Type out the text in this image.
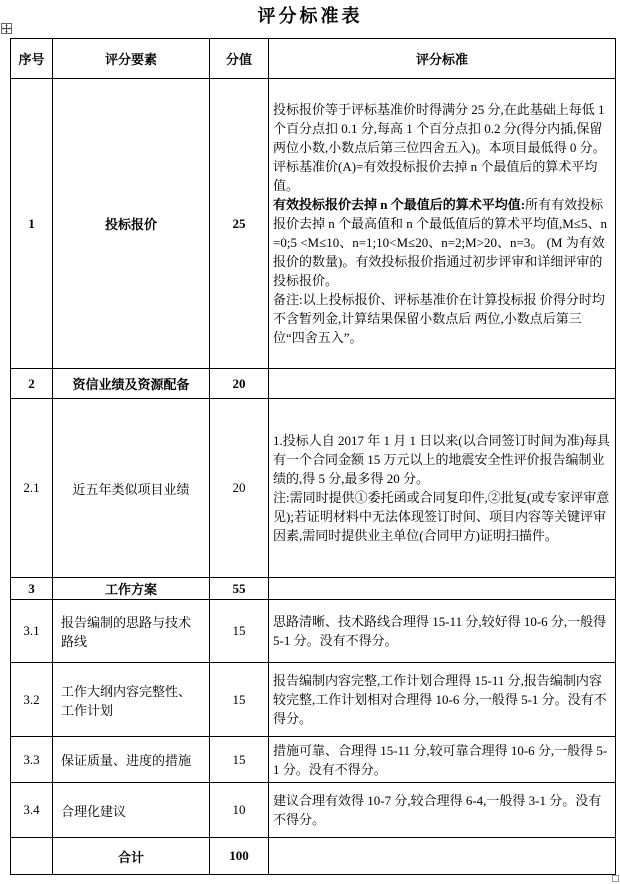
评分标准表
序号	评分要素	分值	评分标准
1	投标报价	25	投标报价等于评标基准价时得满分 25 分,在此基础上每低 1 个百分点扣 0.1 分,每高 1 个百分点扣 0.2 分(得分内插,保留两位小数,小数点后第三位四舍五入)。本项目最低得 0 分。

评标基准价(A)=有效投标报价去掉 n 个最值后的算术平均值。

有效投标报价去掉 n 个最值后的算术平均值:所有有效投标报价去掉 n 个最高值和 n 个最低值后的算术平均值,M≤5、n=0;5 <M≤10、n=1;10<M≤20、n=2;M>20、n=3。 (M 为有效报价的数量)。有效投标报价指通过初步评审和详细评审的投标报价。

备注:以上投标报价、评标基准价在计算投标报 价得分时均不含暂列金,计算结果保留小数点后 两位,小数点后第三位“四舍五入”。

2	资信业绩及资源配备	20	
2.1	近五年类似项目业绩	20	1.投标人自 2017 年 1 月 1 日以来(以合同签订时间为准)每具有一个合同金额 15 万元以上的地震安全性评价报告编制业绩的,得 5 分,最多得 20 分。

注:需同时提供①委托函或合同复印件,②批复(或专家评审意见);若证明材料中无法体现签订时间、项目内容等关键评审因素,需同时提供业主单位(合同甲方)证明扫描件。

3	工作方案	55	
3.1	报告编制的思路与技术路线	15	思路清晰、技术路线合理得 15-11 分,较好得 10-6 分,一般得 5-1 分。没有不得分。

3.2	工作大纲内容完整性、工作计划	15	报告编制内容完整,工作计划合理得 15-11 分,报告编制内容较完整,工作计划相对合理得 10-6 分,一般得 5-1 分。没有不得分。

3.3	保证质量、进度的措施	15	措施可靠、合理得 15-11 分,较可靠合理得 10-6 分,一般得 5-1 分。没有不得分。

3.4	合理化建议	10	建议合理有效得 10-7 分,较合理得 6-4,一般得 3-1 分。没有不得分。

	合计	100	
